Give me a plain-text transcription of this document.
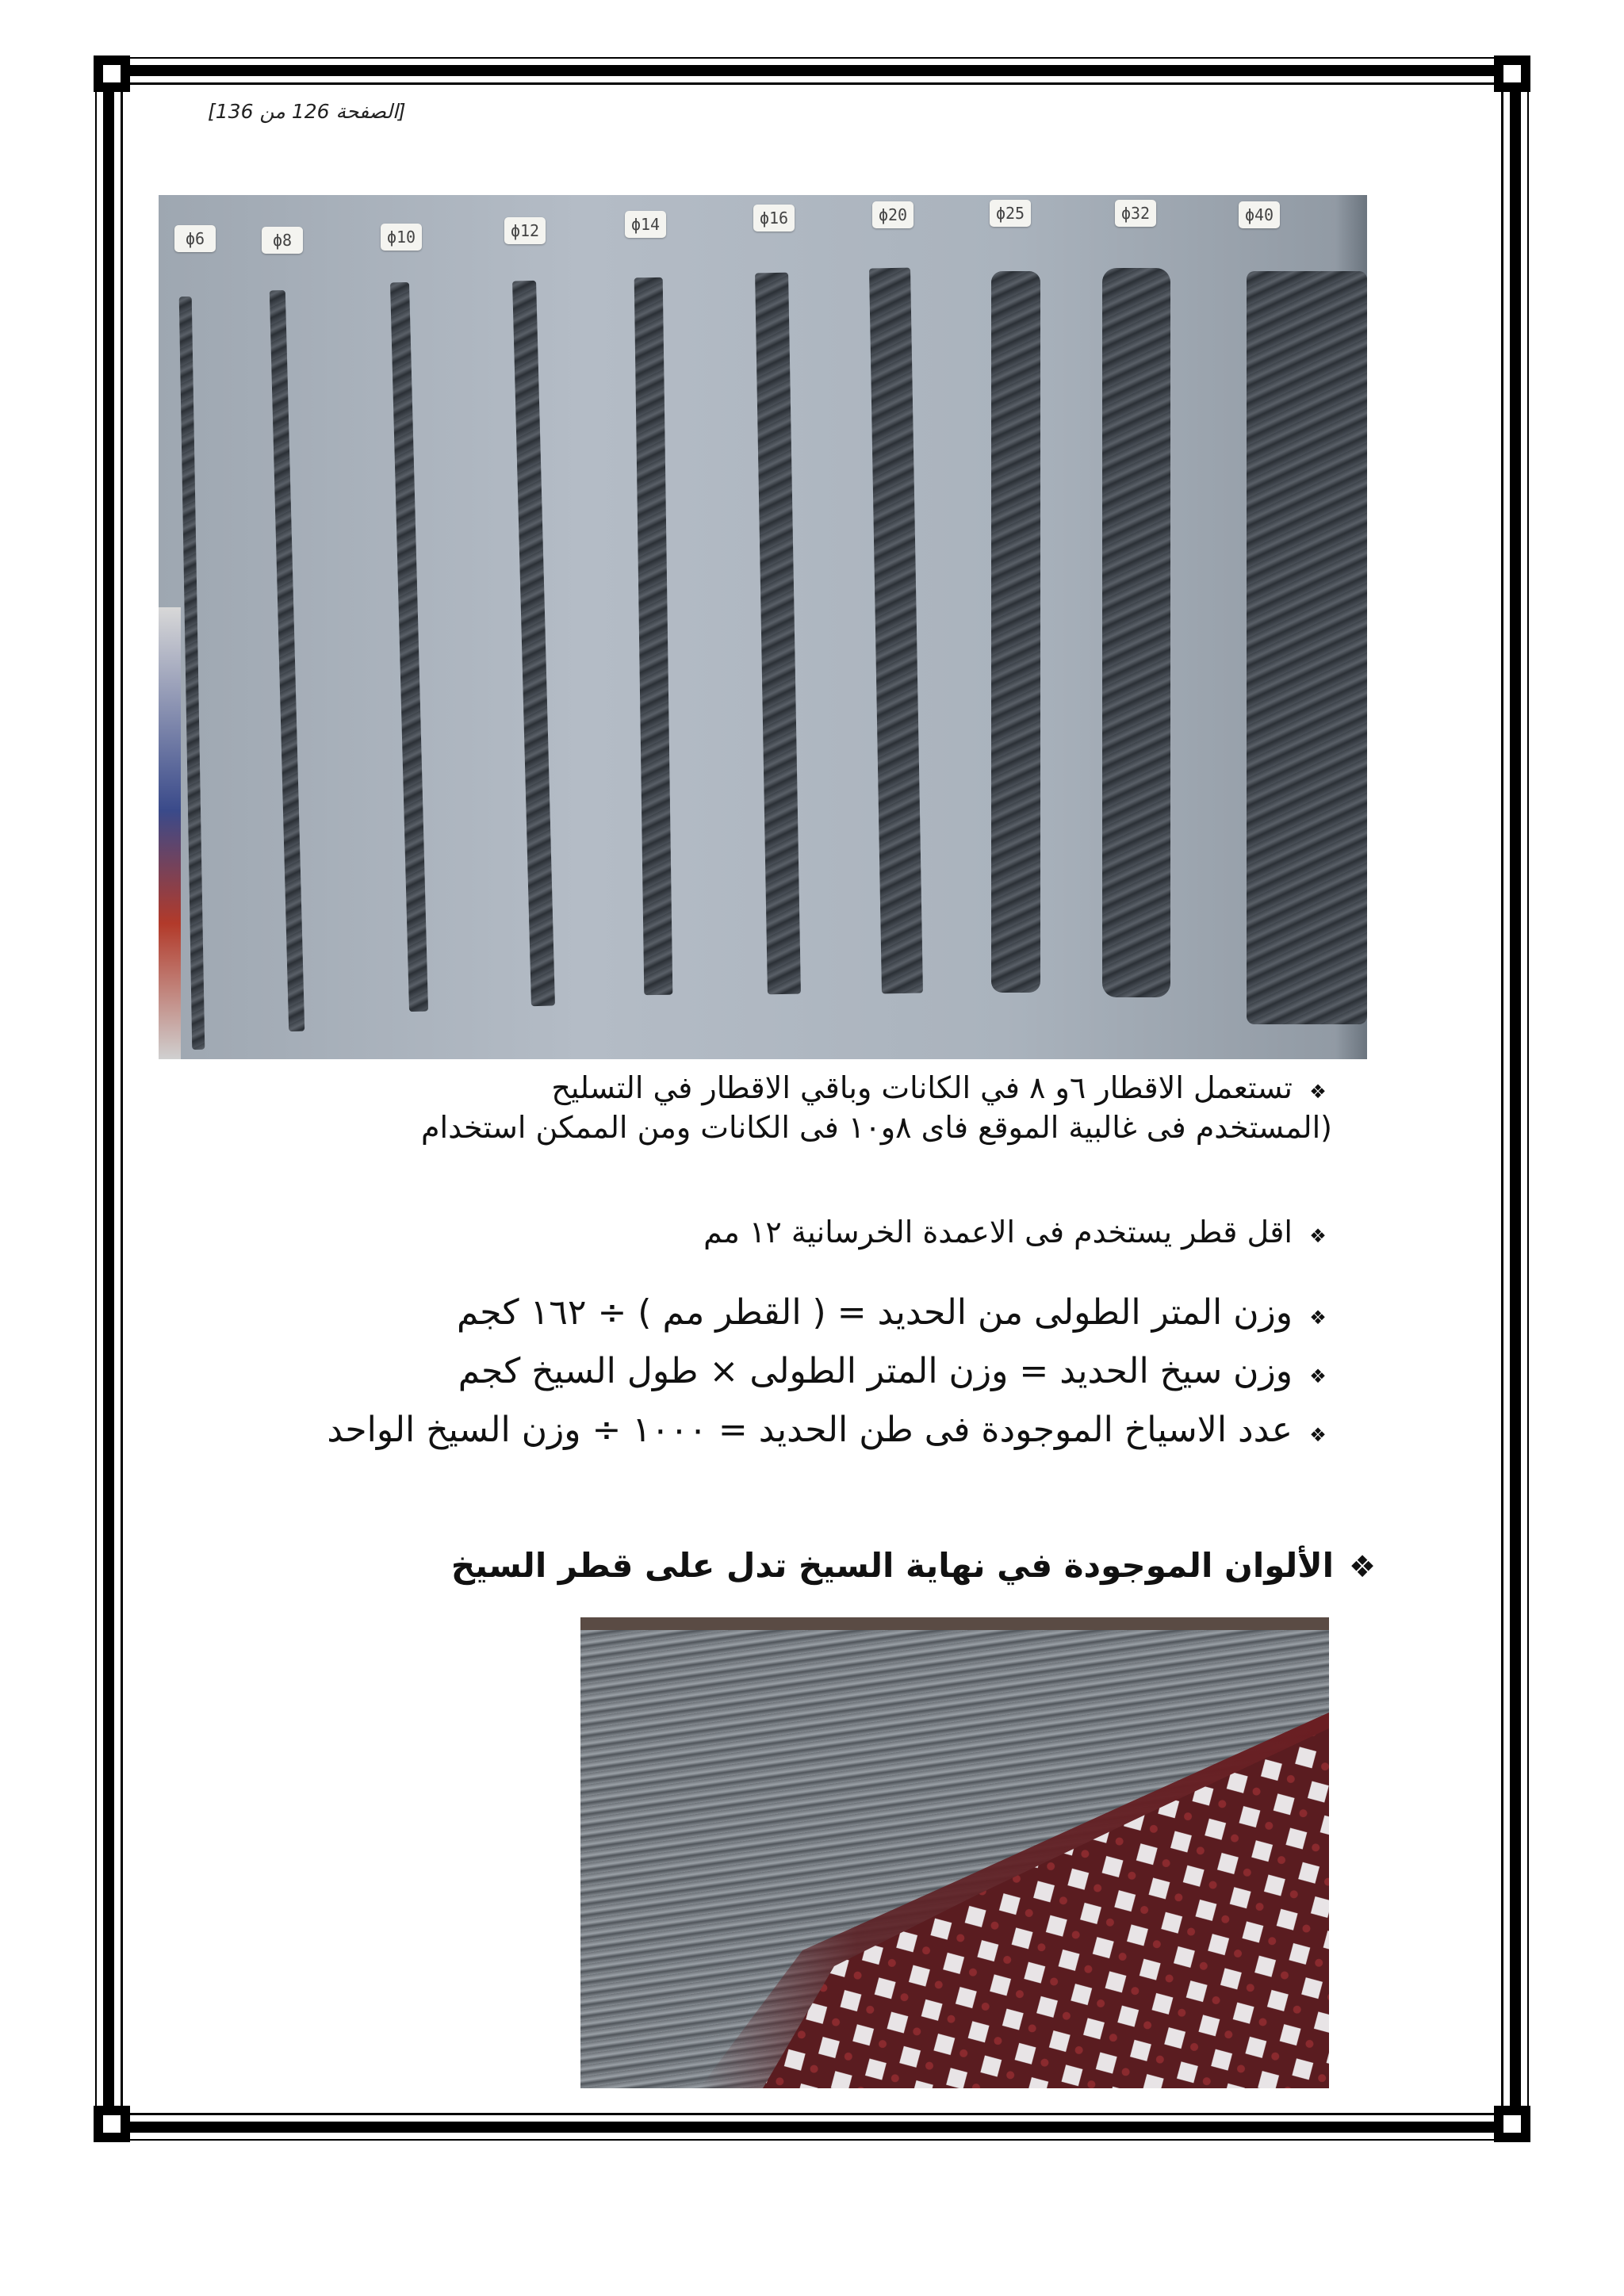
[الصفحة 126 من 136]
ϕ6	ϕ8	ϕ10	ϕ12	ϕ14	ϕ16	ϕ20	ϕ25	ϕ32	ϕ40
❖تستعمل الاقطار ٦و ٨ في الكانات وباقي الاقطار في التسليح
(المستخدم فى غالبية الموقع فاى ٨و١٠ فى الكانات ومن الممكن استخدام
❖اقل قطر يستخدم فى الاعمدة الخرسانية ١٢ مم
❖وزن المتر الطولى من الحديد = ( القطر مم ) ÷ ١٦٢ كجم
❖وزن سيخ الحديد = وزن المتر الطولى × طول السيخ كجم
❖عدد الاسياخ الموجودة فى طن الحديد = ١٠٠٠ ÷ وزن السيخ الواحد
❖الألوان الموجودة في نهاية السيخ تدل على قطر السيخ
